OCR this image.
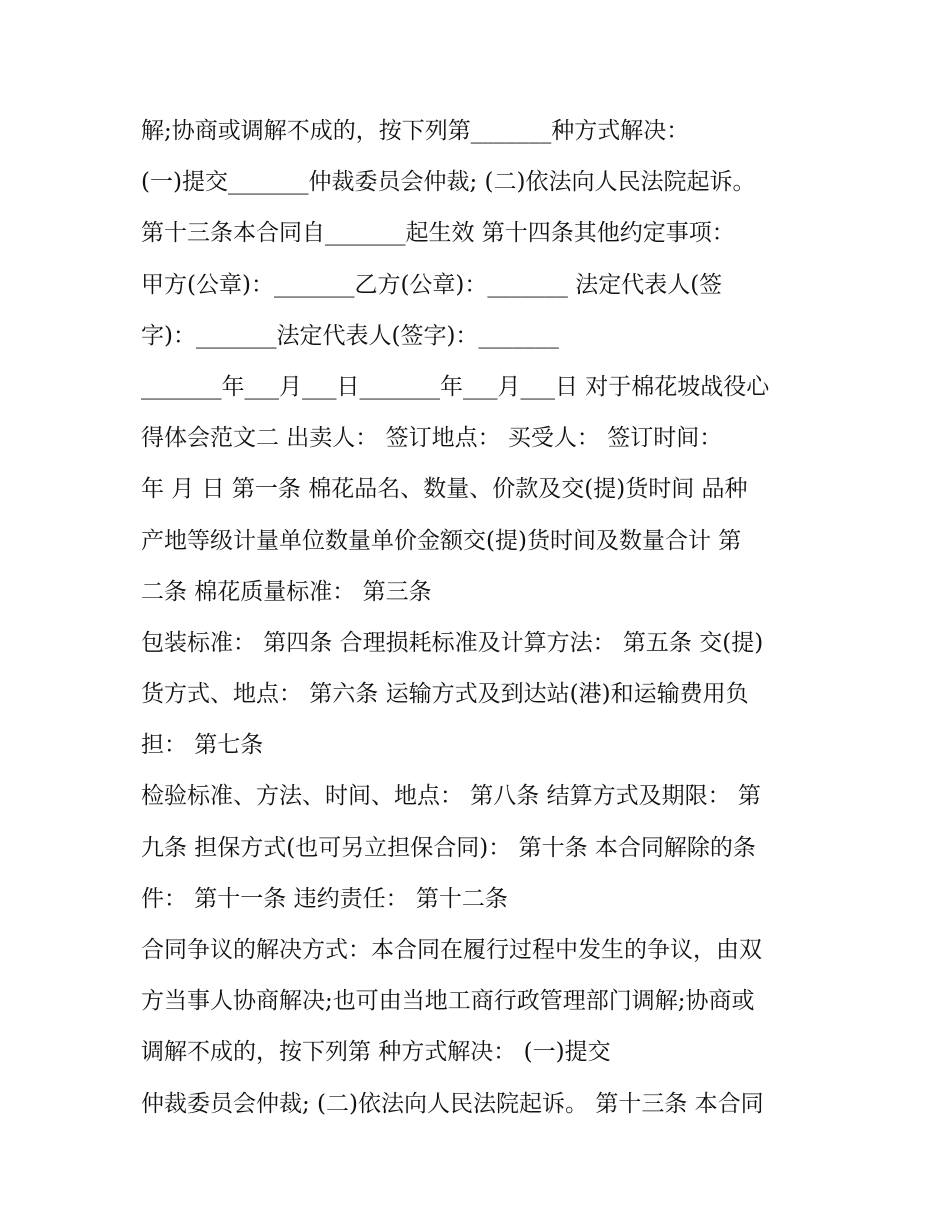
解;协商或调解不成的，按下列第_______种方式解决：
(一)提交_______仲裁委员会仲裁; (二)依法向人民法院起诉。
第十三条本合同自_______起生效 第十四条其他约定事项：
甲方(公章)：_______乙方(公章)：_______ 法定代表人(签
字)：_______法定代表人(签字)：_______
_______年___月___日_______年___月___日 对于棉花坡战役心
得体会范文二 出卖人： 签订地点： 买受人： 签订时间：
年 月 日 第一条 棉花品名、数量、价款及交(提)货时间 品种
产地等级计量单位数量单价金额交(提)货时间及数量合计 第
二条 棉花质量标准： 第三条
包装标准： 第四条 合理损耗标准及计算方法： 第五条 交(提)
货方式、地点： 第六条 运输方式及到达站(港)和运输费用负
担： 第七条
检验标准、方法、时间、地点： 第八条 结算方式及期限： 第
九条 担保方式(也可另立担保合同)： 第十条 本合同解除的条
件： 第十一条 违约责任： 第十二条
合同争议的解决方式：本合同在履行过程中发生的争议，由双
方当事人协商解决;也可由当地工商行政管理部门调解;协商或
调解不成的，按下列第 种方式解决： (一)提交
仲裁委员会仲裁; (二)依法向人民法院起诉。 第十三条 本合同
